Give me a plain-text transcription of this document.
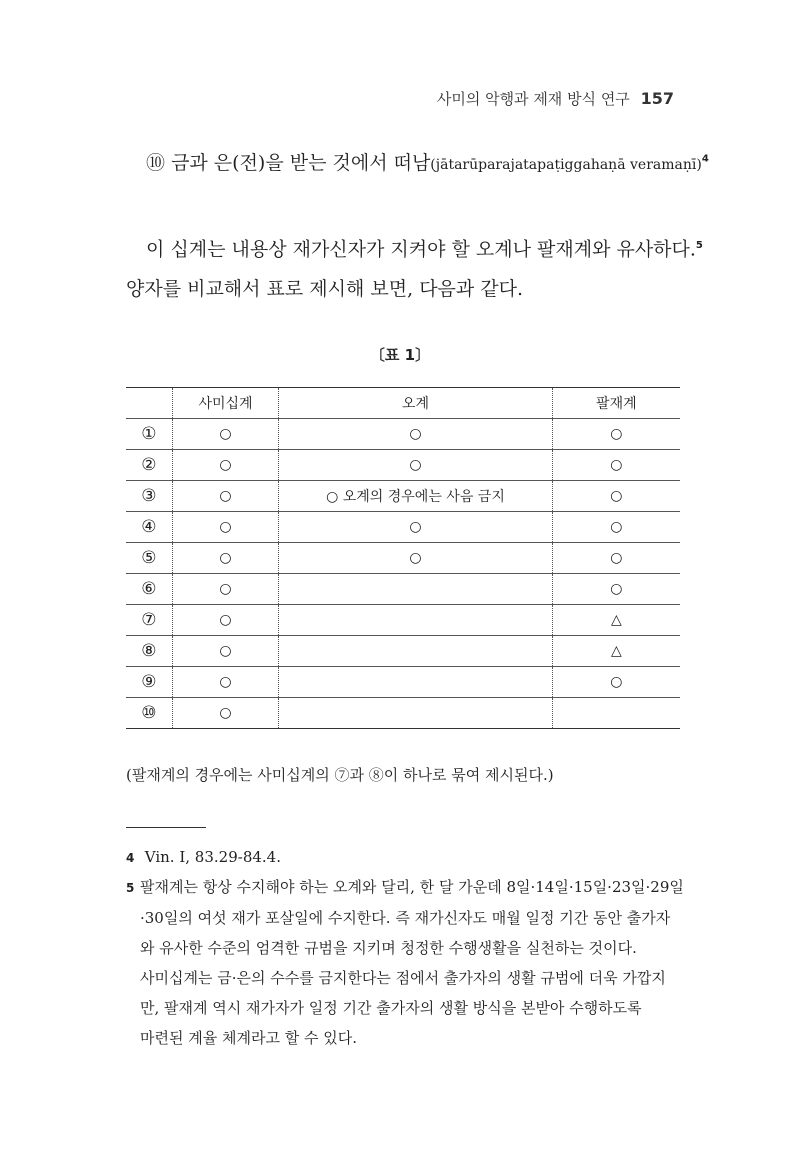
사미의 악행과 제재 방식 연구 157
⑩ 금과 은(전)을 받는 것에서 떠남(jātarūparajatapaṭiggahaṇā veramaṇī)$^4$
이 십계는 내용상 재가신자가 지켜야 할 오계나 팔재계와 유사하다.$^5$
양자를 비교해서 표로 제시해 보면, 다음과 같다.
〔표 1〕
	사미십계	오계	팔재계
①	○	○	○
②	○	○	○
③	○	○ 오계의 경우에는 사음 금지	○
④	○	○	○
⑤	○	○	○
⑥	○		○
⑦	○		△
⑧	○		△
⑨	○		○
⑩	○		
(팔재계의 경우에는 사미십계의 ⑦과 ⑧이 하나로 묶여 제시된다.)
4 Vin. Ⅰ, 83.29-84.4.
5 팔재계는 항상 수지해야 하는 오계와 달리, 한 달 가운데 8일·14일·15일·23일·29일
·30일의 여섯 재가 포살일에 수지한다. 즉 재가신자도 매월 일정 기간 동안 출가자
와 유사한 수준의 엄격한 규범을 지키며 청정한 수행생활을 실천하는 것이다.
사미십계는 금·은의 수수를 금지한다는 점에서 출가자의 생활 규범에 더욱 가깝지
만, 팔재계 역시 재가자가 일정 기간 출가자의 생활 방식을 본받아 수행하도록
마련된 계율 체계라고 할 수 있다.
